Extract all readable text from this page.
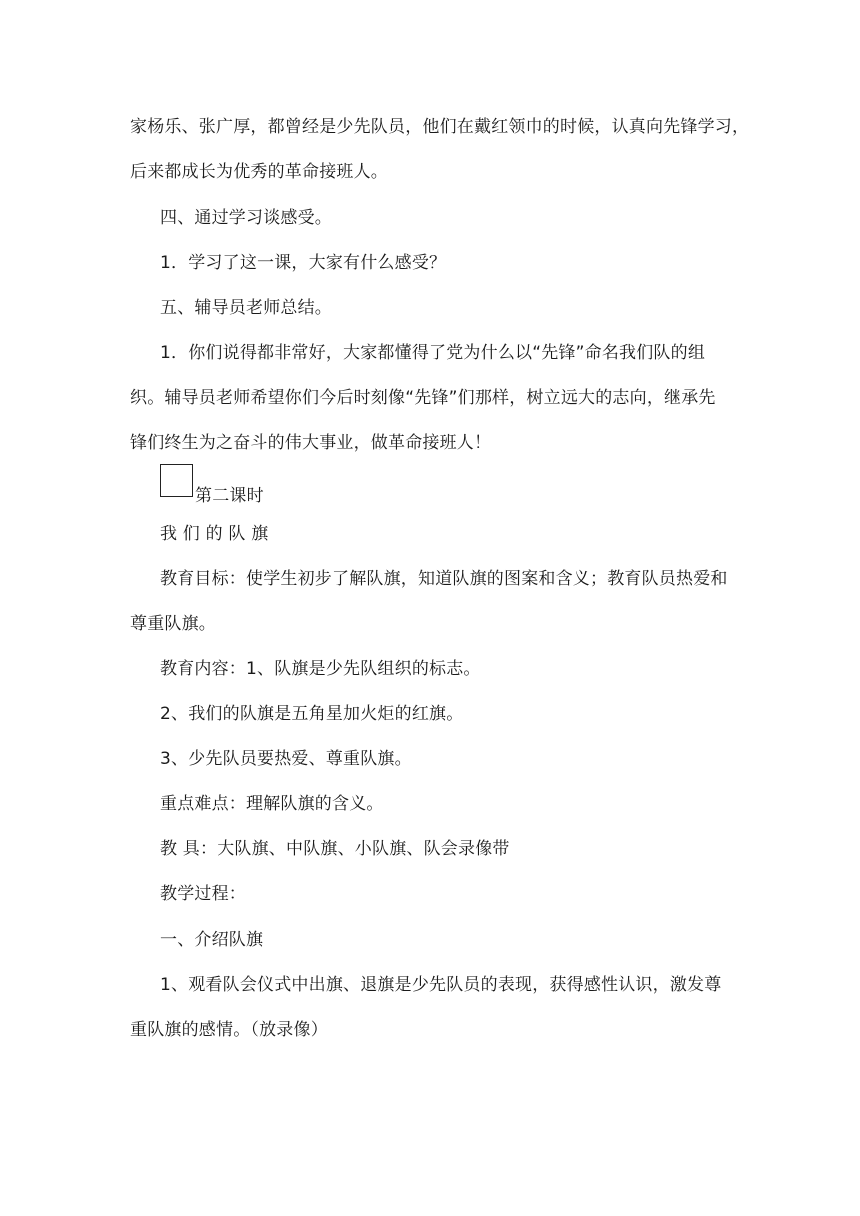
家杨乐、张广厚，都曾经是少先队员，他们在戴红领巾的时候，认真向先锋学习，
后来都成长为优秀的革命接班人。
四、通过学习谈感受。
1．学习了这一课，大家有什么感受？
五、辅导员老师总结。
1．你们说得都非常好，大家都懂得了党为什么以“先锋”命名我们队的组
织。辅导员老师希望你们今后时刻像“先锋”们那样，树立远大的志向，继承先
锋们终生为之奋斗的伟大事业，做革命接班人！
第二课时
我 们 的 队 旗
教育目标：使学生初步了解队旗，知道队旗的图案和含义；教育队员热爱和
尊重队旗。
教育内容：1、队旗是少先队组织的标志。
2、我们的队旗是五角星加火炬的红旗。
3、少先队员要热爱、尊重队旗。
重点难点：理解队旗的含义。
教 具：大队旗、中队旗、小队旗、队会录像带
教学过程：
一、介绍队旗
1、观看队会仪式中出旗、退旗是少先队员的表现，获得感性认识，激发尊
重队旗的感情。（放录像）
